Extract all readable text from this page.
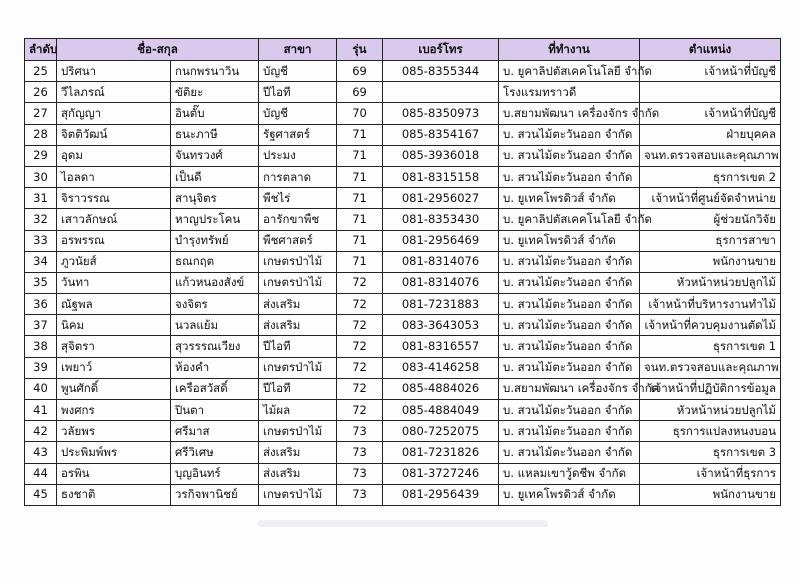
ลำดับ	ชื่อ-สกุล		สาขา	รุ่น	เบอร์โทร	ที่ทำงาน	ตำแหน่ง
25	ปริศนา	กนกพรนาวิน	บัญชี	69	085-8355344	บ. ยูคาลิปตัสเคคโนโลยี จำกัด	เจ้าหน้าที่บัญชี
26	วีไลภรณ์	ขัติยะ	ปีไอที	69		โรงแรมทราวดี	
27	สุกัญญา	อินตั๊บ	บัญชี	70	085-8350973	บ.สยามพัฒนา เครื่องจักร จำกัด	เจ้าหน้าที่บัญชี
28	จิตติวัฒน์	ธนะภาษี	รัฐศาสตร์	71	085-8354167	บ. สวนไม้ตะวันออก จำกัด	ฝ่ายบุคคล
29	อุดม	จันทรวงศ์	ประมง	71	085-3936018	บ. สวนไม้ตะวันออก จำกัด	จนท.ตรวจสอบและคุณภาพ
30	ไอลดา	เป็นดี	การตลาด	71	081-8315158	บ. สวนไม้ตะวันออก จำกัด	ธุรการเขต 2
31	จิราวรรณ	สานุจิตร	พืชไร่	71	081-2956027	บ. ยูเทคโพรดิวส์ จำกัด	เจ้าหน้าที่ศูนย์จัดจำหน่าย
32	เสาวลักษณ์	หาญประโคน	อารักขาพืช	71	081-8353430	บ. ยูคาลิปตัสเคคโนโลยี จำกัด	ผู้ช่วยนักวิจัย
33	อรพรรณ	บำรุงทรัพย์	พืชศาสตร์	71	081-2956469	บ. ยูเทคโพรดิวส์ จำกัด	ธุรการสาขา
34	ภูวนัยส์	ธณกฤต	เกษตรป่าไม้	71	081-8314076	บ. สวนไม้ตะวันออก จำกัด	พนักงานขาย
35	วันทา	แก้วหนองสังข์	เกษตรป่าไม้	72	081-8314076	บ. สวนไม้ตะวันออก จำกัด	หัวหน้าหน่วยปลูกไม้
36	ณัฐพล	จงจิตร	ส่งเสริม	72	081-7231883	บ. สวนไม้ตะวันออก จำกัด	เจ้าหน้าที่บริหารงานทำไม้
37	นิคม	นวลแย้ม	ส่งเสริม	72	083-3643053	บ. สวนไม้ตะวันออก จำกัด	เจ้าหน้าที่ควบคุมงานตัดไม้
38	สุจิตรา	สุวรรรณเวียง	ปีไอที	72	081-8316557	บ. สวนไม้ตะวันออก จำกัด	ธุรการเขต 1
39	เพยาว์	ห้องคำ	เกษตรป่าไม้	72	083-4146258	บ. สวนไม้ตะวันออก จำกัด	จนท.ตรวจสอบและคุณภาพ
40	พูนศักดิ์	เครือสวัสดิ์	ปีไอที	72	085-4884026	บ.สยามพัฒนา เครื่องจักร จำกัด	เจ้าหน้าที่ปฏิบัติการข้อมูล
41	พงศกร	ปินตา	ไม้ผล	72	085-4884049	บ. สวนไม้ตะวันออก จำกัด	หัวหน้าหน่วยปลูกไม้
42	วลัยพร	ศรีมาส	เกษตรป่าไม้	73	080-7252075	บ. สวนไม้ตะวันออก จำกัด	ธุรการแปลงหนงบอน
43	ประพิมพ์พร	ศรีวิเศษ	ส่งเสริม	73	081-7231826	บ. สวนไม้ตะวันออก จำกัด	ธุรการเขต 3
44	อรพิน	บุญอินทร์	ส่งเสริม	73	081-3727246	บ. แหลมเขาวู้ดชีพ จำกัด	เจ้าหน้าที่ธุรการ
45	ธงชาติ	วรกิจพานิชย์	เกษตรป่าไม้	73	081-2956439	บ. ยูเทคโพรดิวส์ จำกัด	พนักงานขาย
